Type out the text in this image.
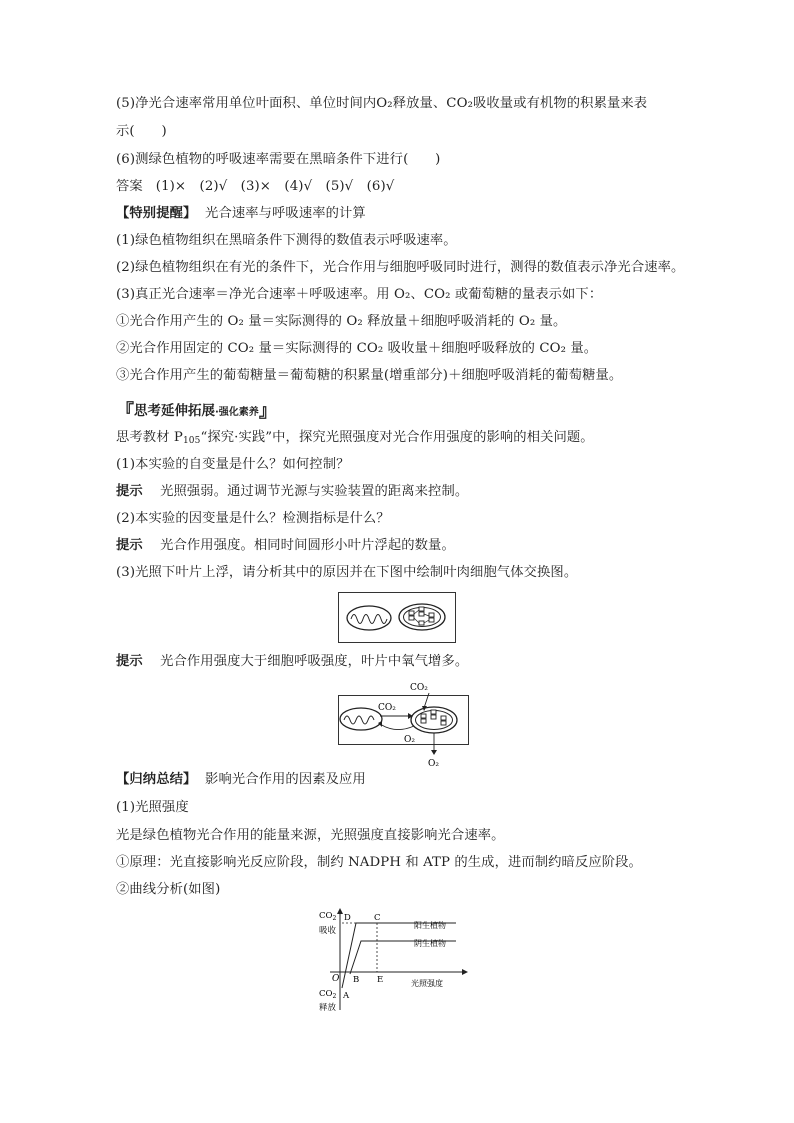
(5)净光合速率常用单位叶面积、单位时间内O₂释放量、CO₂吸收量或有机物的积累量来表
示(　　)
(6)测绿色植物的呼吸速率需要在黑暗条件下进行(　　)
答案 (1)×　(2)√　(3)×　(4)√　(5)√　(6)√
【特别提醒】 光合速率与呼吸速率的计算
(1)绿色植物组织在黑暗条件下测得的数值表示呼吸速率。
(2)绿色植物组织在有光的条件下，光合作用与细胞呼吸同时进行，测得的数值表示净光合速率。
(3)真正光合速率＝净光合速率＋呼吸速率。用 O₂、CO₂ 或葡萄糖的量表示如下：
①光合作用产生的 O₂ 量＝实际测得的 O₂ 释放量＋细胞呼吸消耗的 O₂ 量。
②光合作用固定的 CO₂ 量＝实际测得的 CO₂ 吸收量＋细胞呼吸释放的 CO₂ 量。
③光合作用产生的葡萄糖量＝葡萄糖的积累量(增重部分)＋细胞呼吸消耗的葡萄糖量。
『思考延伸拓展·强化素养』
思考教材 $P_{105}“$探究·实践”中，探究光照强度对光合作用强度的影响的相关问题。
(1)本实验的自变量是什么？如何控制？
提示 光照强弱。通过调节光源与实验装置的距离来控制。
(2)本实验的因变量是什么？检测指标是什么？
提示 光合作用强度。相同时间圆形小叶片浮起的数量。
(3)光照下叶片上浮，请分析其中的原因并在下图中绘制叶肉细胞气体交换图。
提示 光合作用强度大于细胞呼吸强度，叶片中氧气增多。
CO₂
CO₂
O₂
O₂
【归纳总结】 影响光合作用的因素及应用
(1)光照强度
光是绿色植物光合作用的能量来源，光照强度直接影响光合速率。
①原理：光直接影响光反应阶段，制约 NADPH 和 ATP 的生成，进而制约暗反应阶段。
②曲线分析(如图)
$CO_2$
吸收
$CO_2$
释放
O
D	C
B E
A
阳生植物
阴生植物
光照强度
